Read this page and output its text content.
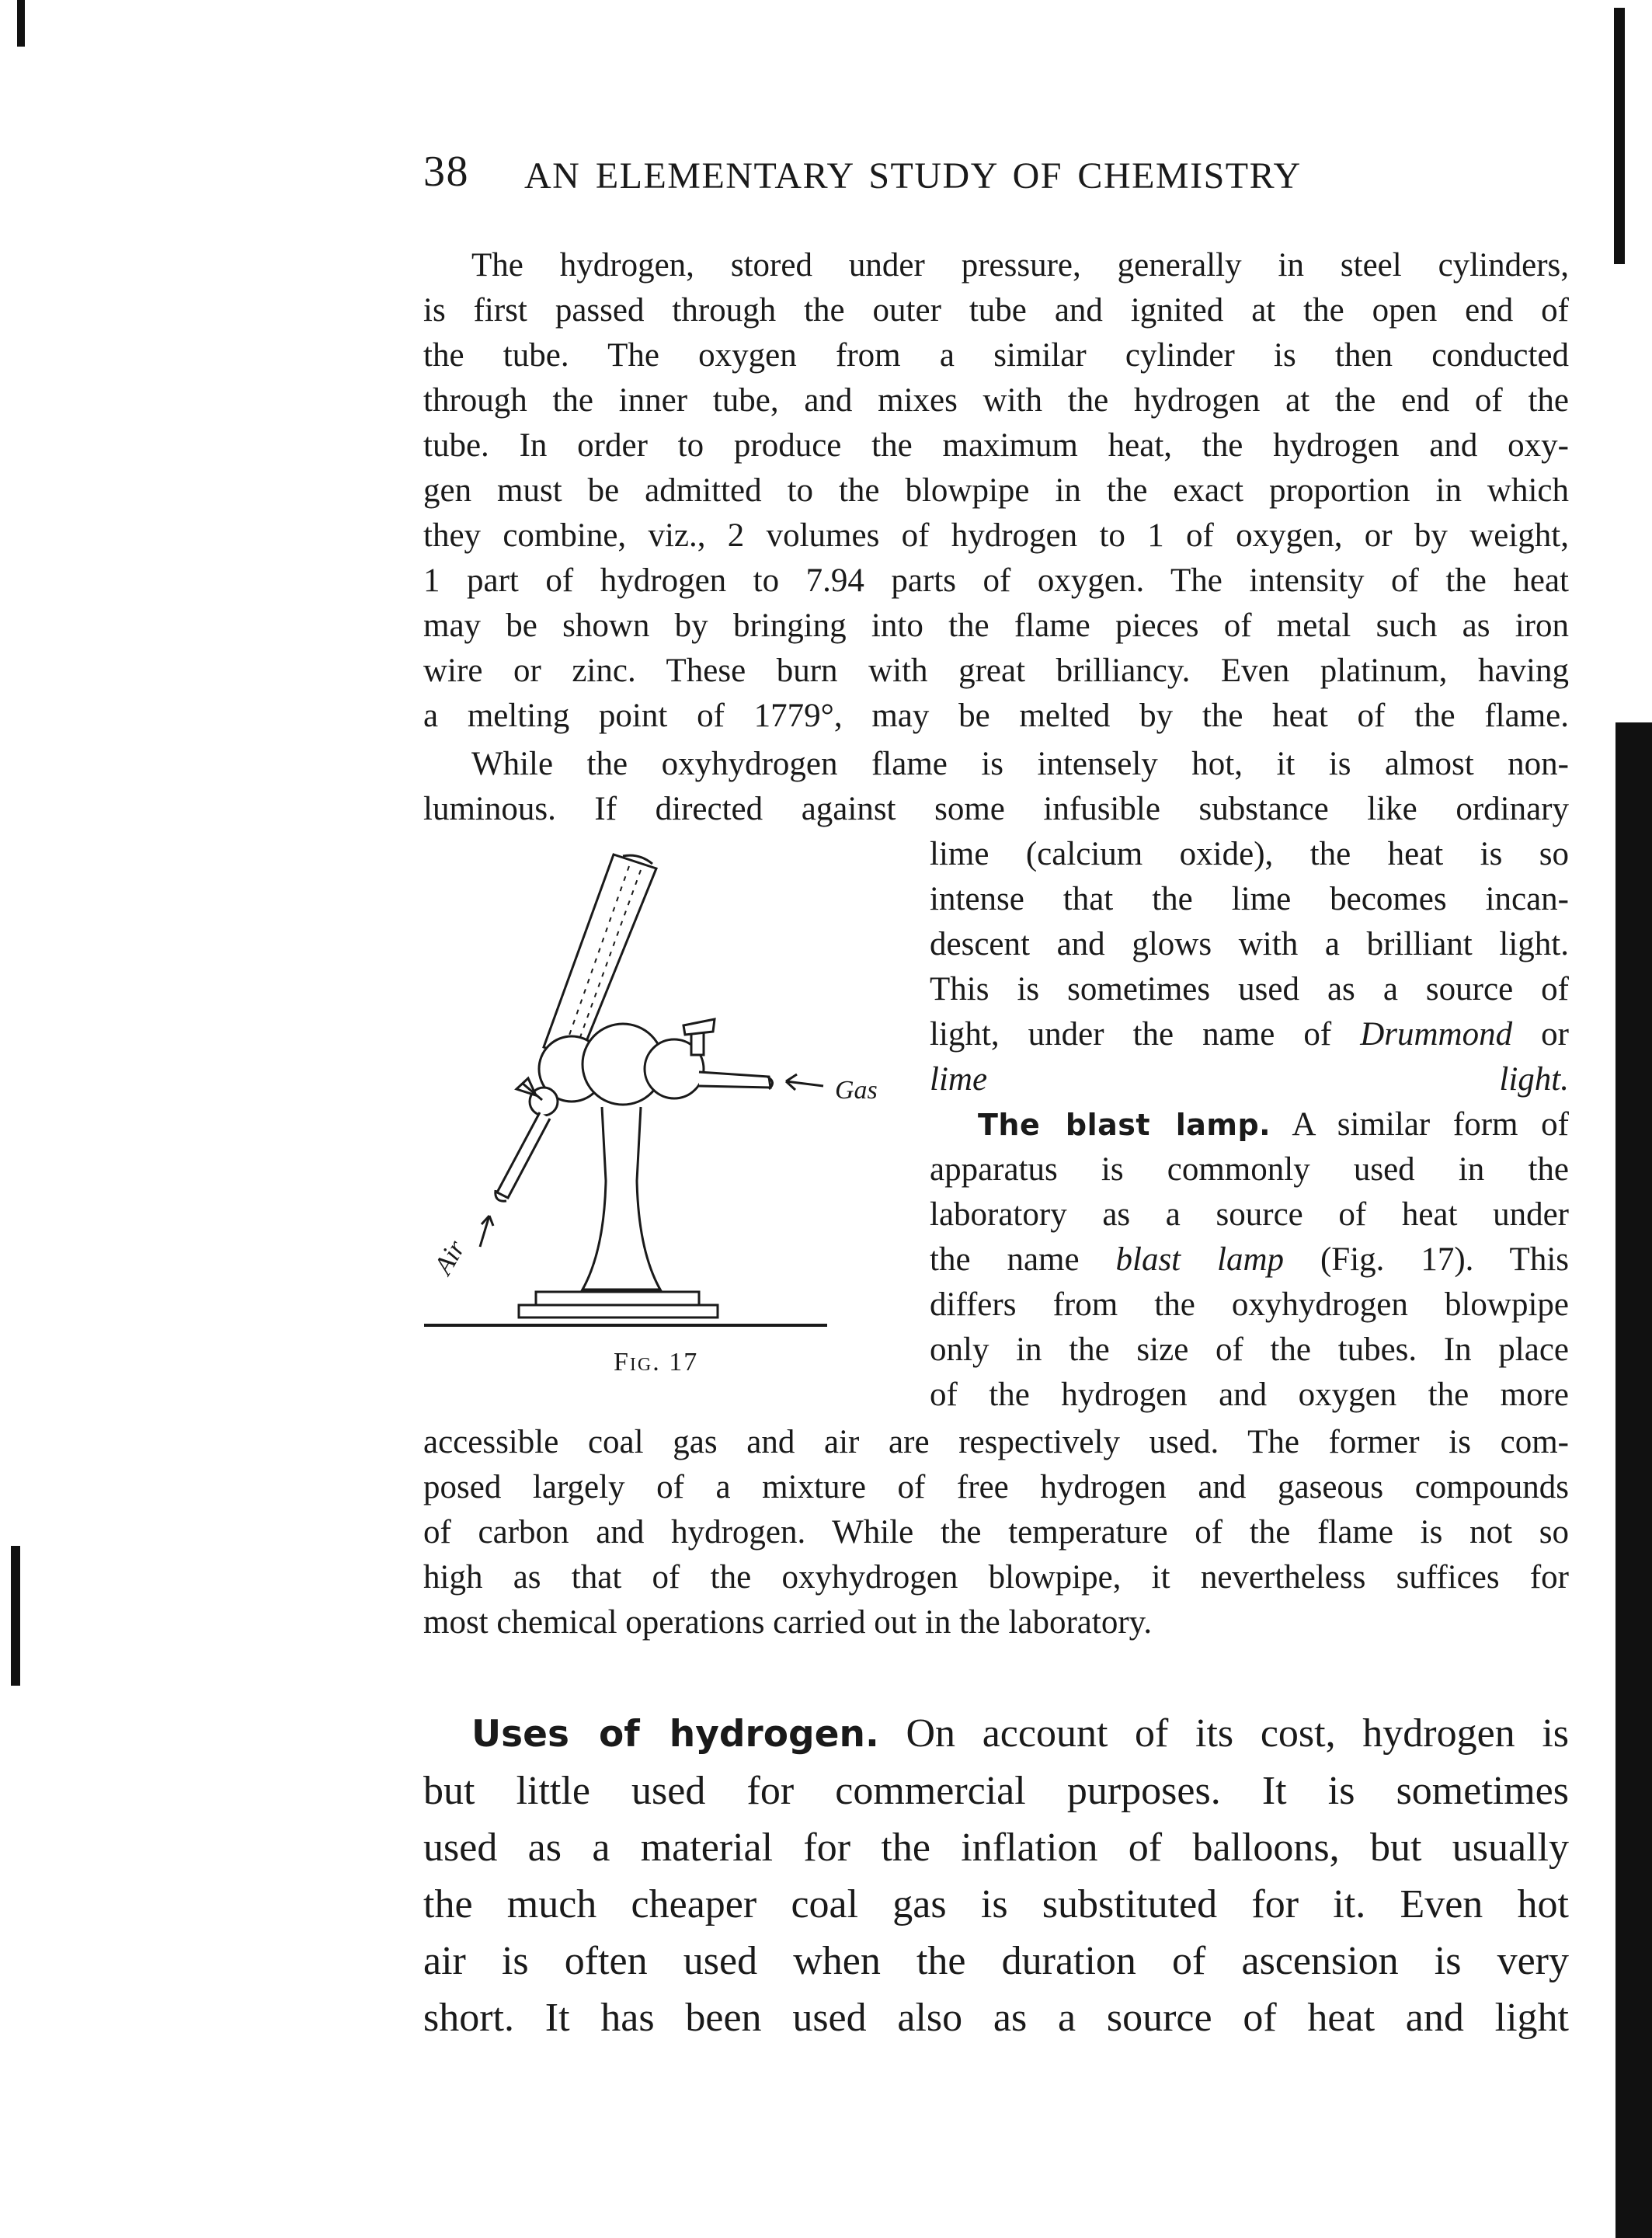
38 AN ELEMENTARY STUDY OF CHEMISTRY
The hydrogen, stored under pressure, generally in steel cylinders,
is first passed through the outer tube and ignited at the open end of
the tube. The oxygen from a similar cylinder is then conducted
through the inner tube, and mixes with the hydrogen at the end of the
tube. In order to produce the maximum heat, the hydrogen and oxy-
gen must be admitted to the blowpipe in the exact proportion in which
they combine, viz., 2 volumes of hydrogen to 1 of oxygen, or by weight,
1 part of hydrogen to 7.94 parts of oxygen. The intensity of the heat
may be shown by bringing into the flame pieces of metal such as iron
wire or zinc. These burn with great brilliancy. Even platinum, having
a melting point of 1779°, may be melted by the heat of the flame.
While the oxyhydrogen flame is intensely hot, it is almost non-
luminous. If directed against some infusible substance like ordinary
lime (calcium oxide), the heat is so
intense that the lime becomes incan-
descent and glows with a brilliant light.
This is sometimes used as a source of
light, under the name of Drummond or
lime light.
The blast lamp. A similar form of
apparatus is commonly used in the
laboratory as a source of heat under
the name blast lamp (Fig. 17). This
differs from the oxyhydrogen blowpipe
only in the size of the tubes. In place
of the hydrogen and oxygen the more
Gas
Air
Fig. 17
accessible coal gas and air are respectively used. The former is com-
posed largely of a mixture of free hydrogen and gaseous compounds
of carbon and hydrogen. While the temperature of the flame is not so
high as that of the oxyhydrogen blowpipe, it nevertheless suffices for
most chemical operations carried out in the laboratory.
Uses of hydrogen. On account of its cost, hydrogen is
but little used for commercial purposes. It is sometimes
used as a material for the inflation of balloons, but usually
the much cheaper coal gas is substituted for it. Even hot
air is often used when the duration of ascension is very
short. It has been used also as a source of heat and light
